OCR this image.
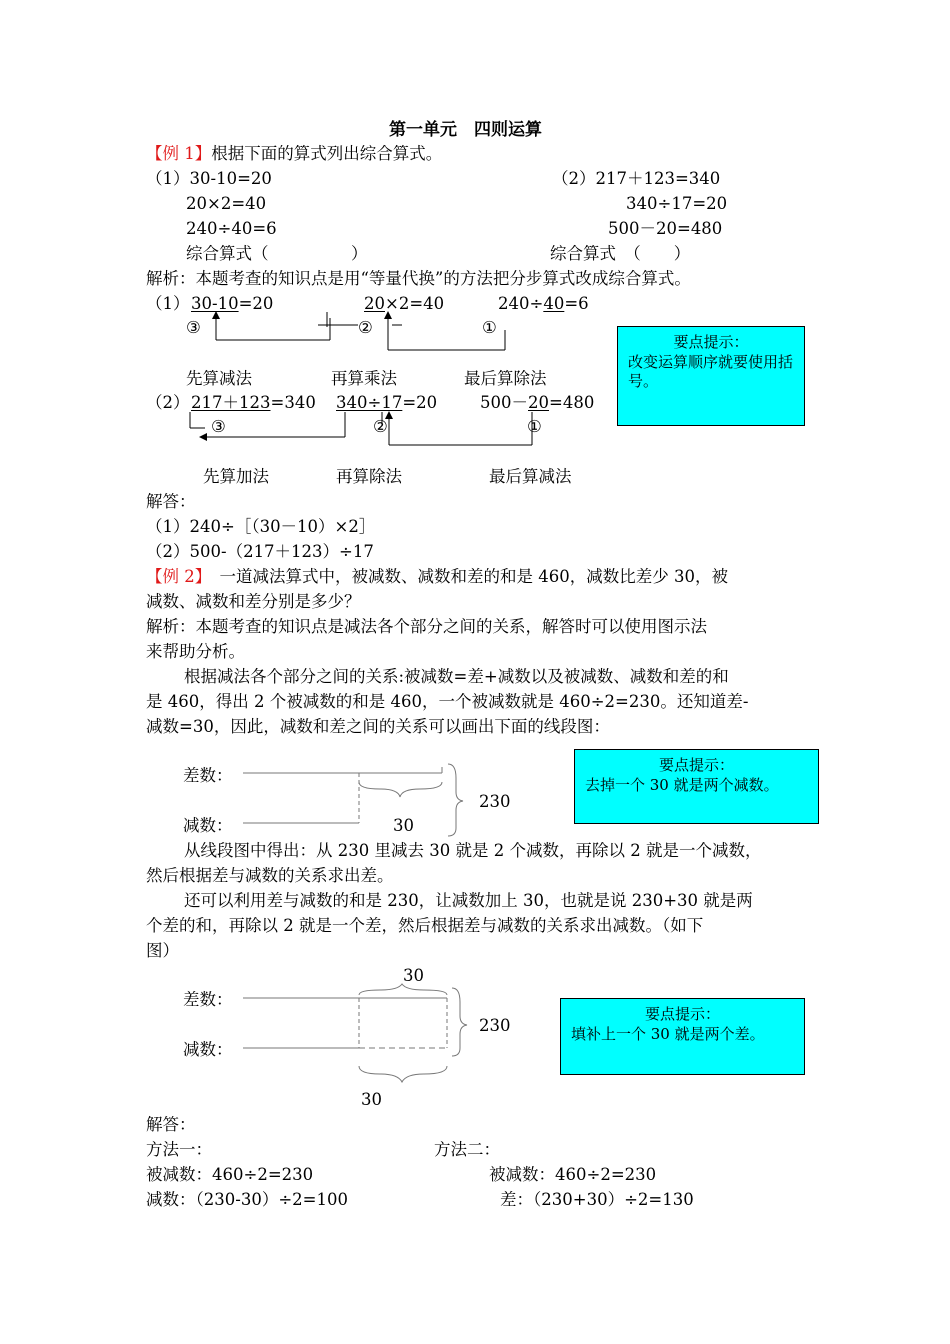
第一单元　四则运算
【例 1】根据下面的算式列出综合算式。
（1）30-10=20
20×2=40
240÷40=6
综合算式（　　　　　）
（2）217＋123=340
340÷17=20
500－20=480
综合算式　（　　）
解析：本题考查的知识点是用“等量代换”的方法把分步算式改成综合算式。
（1） 30-10=20	20×2=40	240÷40=6
③	②	①
先算减法	再算乘法	最后算除法
要点提示：
改变运算顺序就要使用括号。
（2） 217＋123=340 340÷17=20	500－20=480
③	②	①
先算加法	再算除法	最后算减法
解答：
（1）240÷［（30－10）×2］
（2）500-（217＋123）÷17
【例 2】　一道减法算式中，被减数、减数和差的和是 460，减数比差少 30，被
减数、减数和差分别是多少？
解析：本题考查的知识点是减法各个部分之间的关系，解答时可以使用图示法
来帮助分析。
根据减法各个部分之间的关系:被减数=差+减数以及被减数、减数和差的和
是 460，得出 2 个被减数的和是 460，一个被减数就是 460÷2=230。还知道差-
减数=30，因此，减数和差之间的关系可以画出下面的线段图：
差数：
减数：
230
30
要点提示：
去掉一个 30 就是两个减数。
从线段图中得出：从 230 里减去 30 就是 2 个减数，再除以 2 就是一个减数，
然后根据差与减数的关系求出差。
还可以利用差与减数的和是 230，让减数加上 30，也就是说 230+30 就是两
个差的和，再除以 2 就是一个差，然后根据差与减数的关系求出减数。（如下
图）
30
差数：
减数：
230
30
要点提示：
填补上一个 30 就是两个差。
解答：
方法一：
被减数：460÷2=230
减数：（230-30）÷2=100
方法二：
被减数：460÷2=230
差：（230+30）÷2=130
